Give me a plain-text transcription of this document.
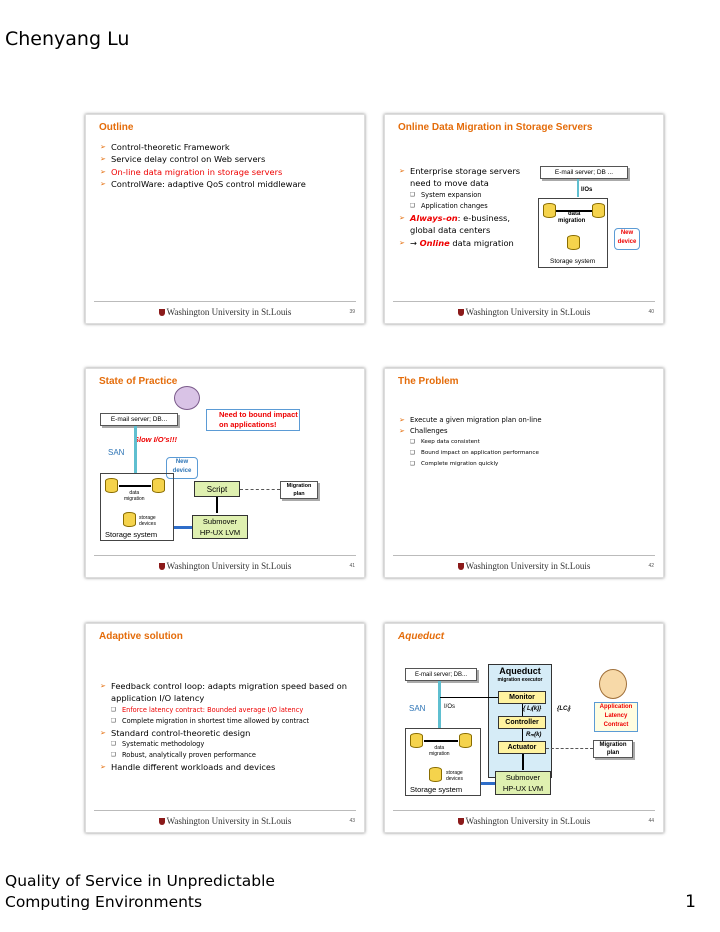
Chenyang Lu
Outline
➢ Control-theoretic Framework
➢ Service delay control on Web servers
➢ On-line data migration in storage servers
➢ ControlWare: adaptive QoS control middleware
Washington University in St.Louis	39
Online Data Migration in Storage Servers
➢ Enterprise storage servers need to move data
❑ System expansion
❑ Application changes
➢ Always-on: e-business, global data centers
➢ → Online data migration
E-mail server; DB ...
I/Os
data
migration
New
device
Storage system
Washington University in St.Louis	40
State of Practice
E-mail server; DB...
Need to bound impact on applications!
Slow I/O's!!!
SAN
New
device
data
migration
storage
devices
Storage system
Script	Migration
plan
Submover
HP-UX LVM
Washington University in St.Louis	41
The Problem
➢ Execute a given migration plan on-line
➢ Challenges
❑ Keep data consistent
❑ Bound impact on application performance
❑ Complete migration quickly
Washington University in St.Louis	42
Adaptive solution
➢ Feedback control loop: adapts migration speed based on application I/O latency
❑ Enforce latency contract: Bounded average I/O latency
❑ Complete migration in shortest time allowed by contract
➢ Standard control-theoretic design
❑ Systematic methodology
❑ Robust, analytically proven performance
➢ Handle different workloads and devices
Washington University in St.Louis	43
Aqueduct
E-mail server; DB...	Aqueduct
migration executor
Monitor
{ Lⱼ(k)}
Controller
Rₘ(k)
Actuator
SAN	I/Os	{LCⱼ}	Application
Latency
Contract
Migration
plan
data
migration
storage
devices
Storage system
Submover
HP-UX LVM
Washington University in St.Louis	44
Quality of Service in Unpredictable
Computing Environments	1
